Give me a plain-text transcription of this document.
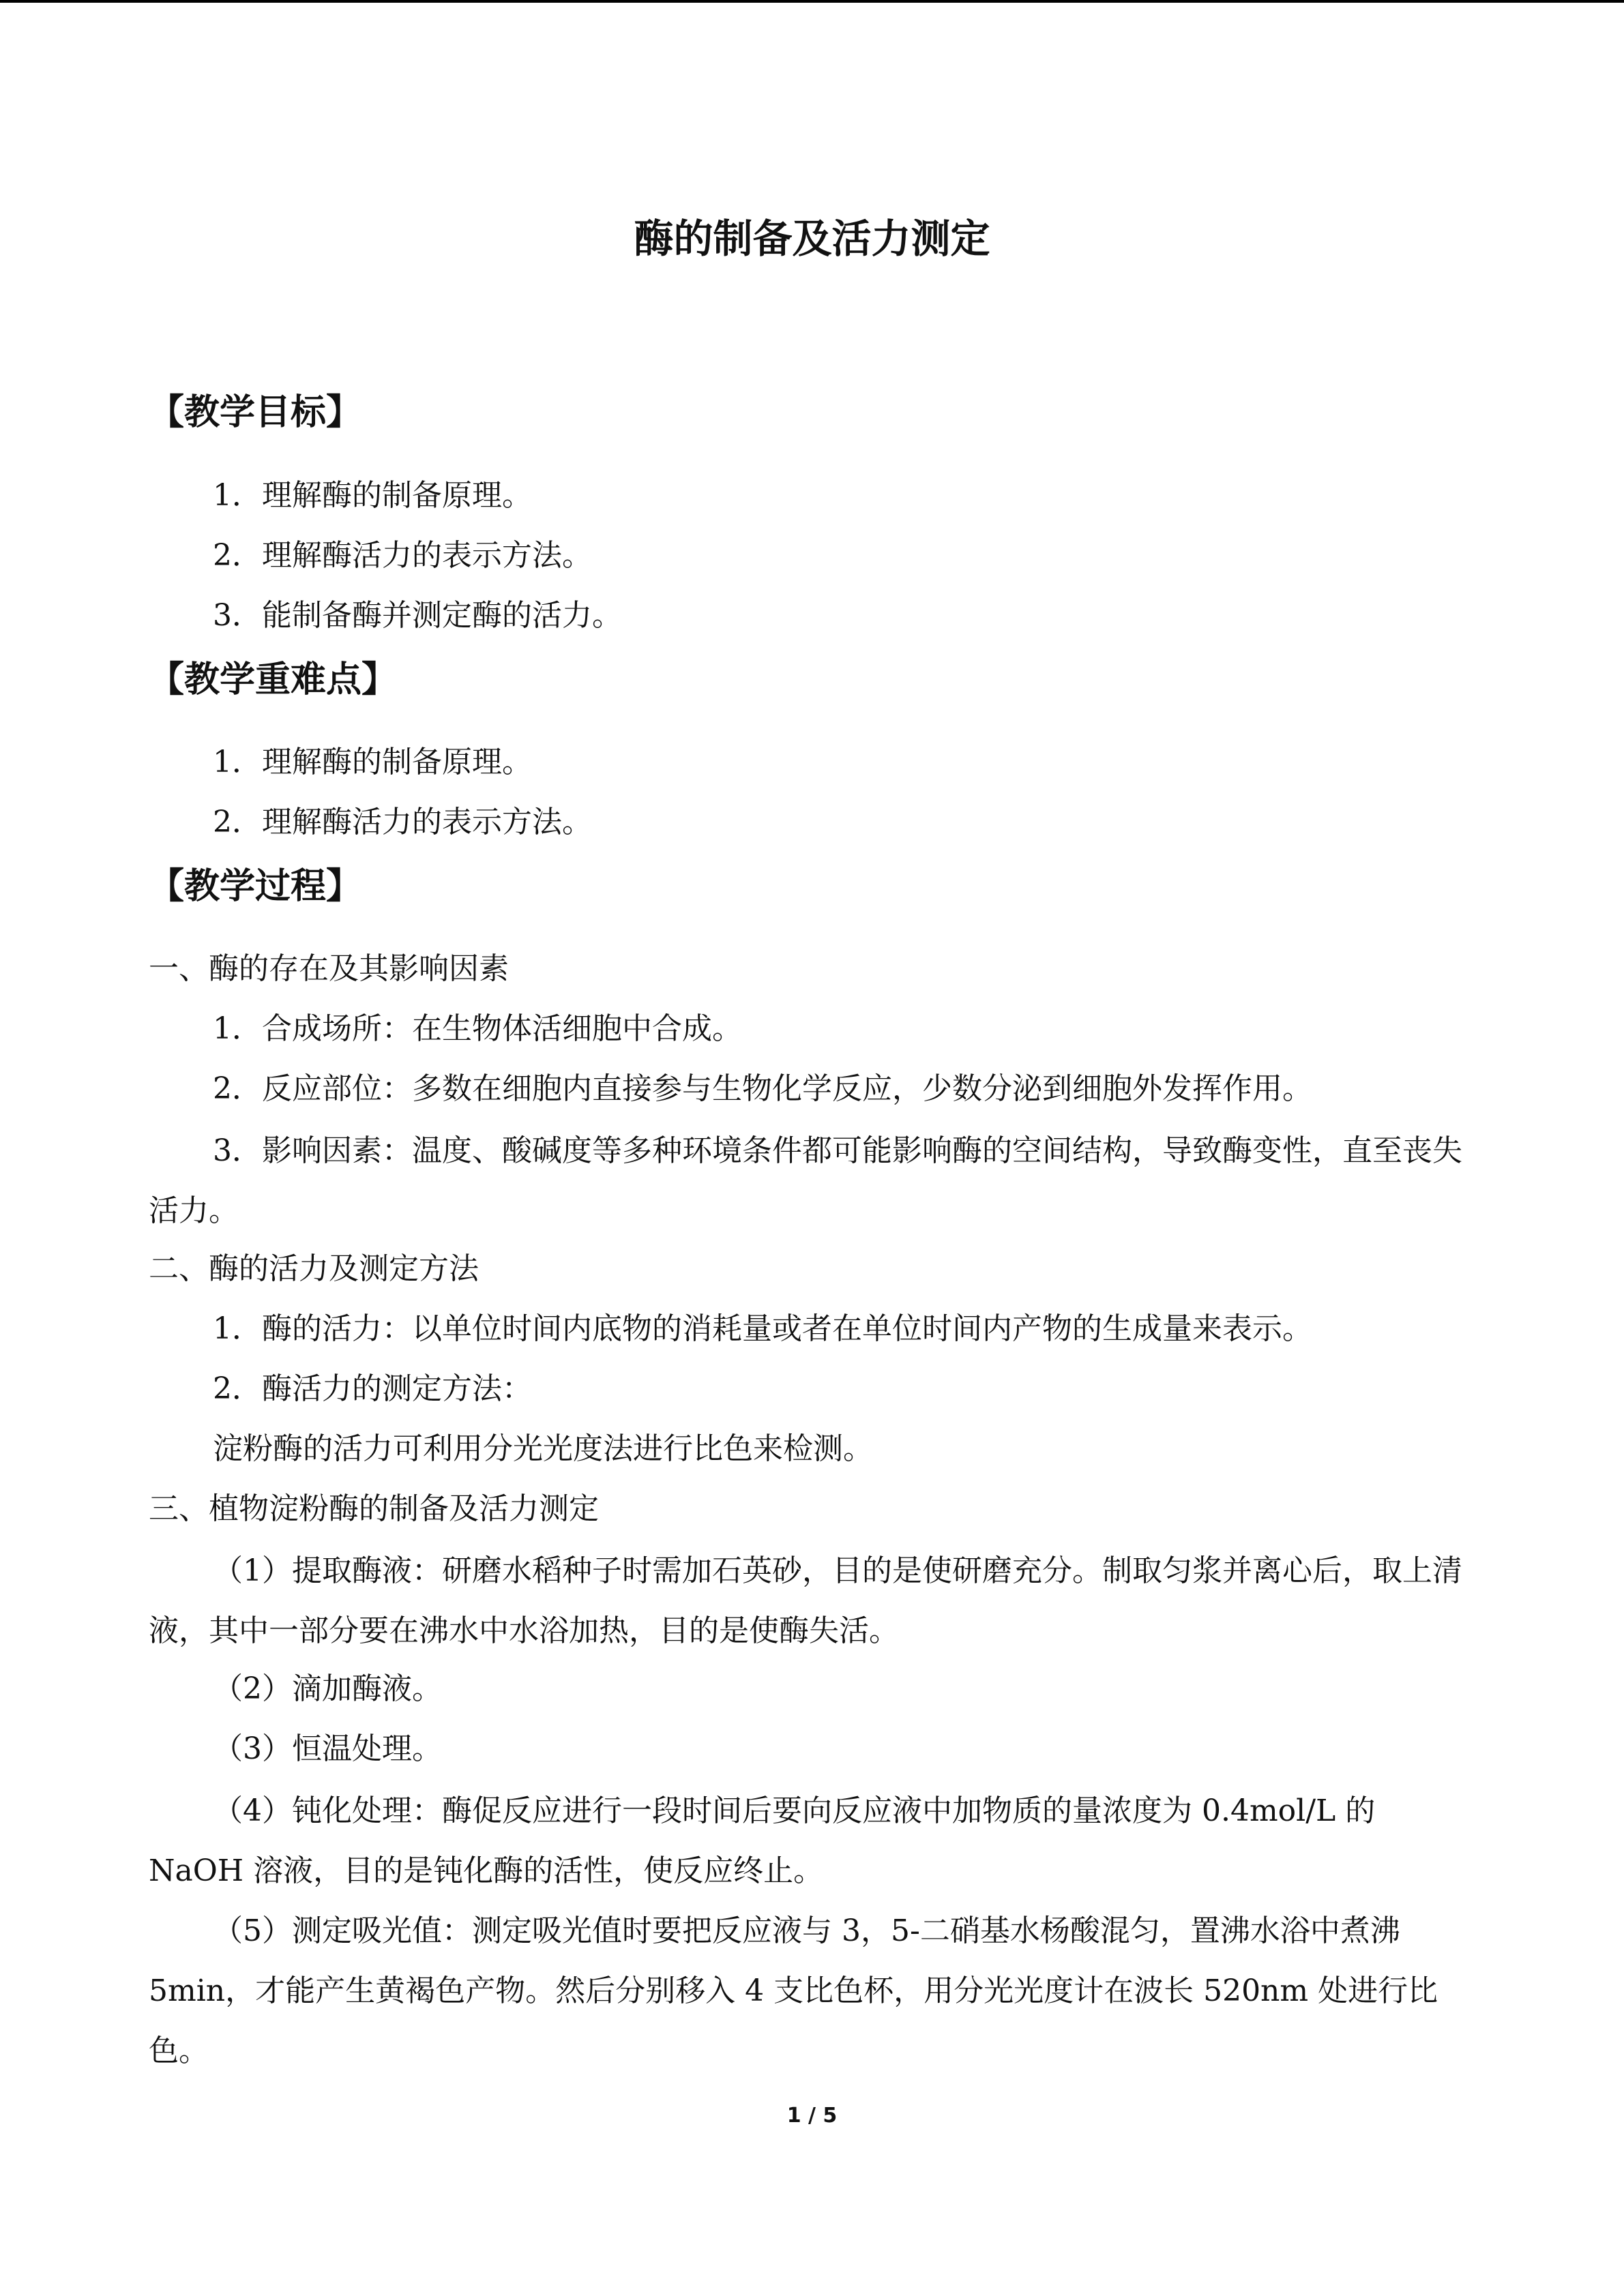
酶的制备及活力测定
【教学目标】
1．理解酶的制备原理。
2．理解酶活力的表示方法。
3．能制备酶并测定酶的活力。
【教学重难点】
1．理解酶的制备原理。
2．理解酶活力的表示方法。
【教学过程】
一、酶的存在及其影响因素
1．合成场所：在生物体活细胞中合成。
2．反应部位：多数在细胞内直接参与生物化学反应，少数分泌到细胞外发挥作用。
3．影响因素：温度、酸碱度等多种环境条件都可能影响酶的空间结构，导致酶变性，直至丧失活力。
二、酶的活力及测定方法
1．酶的活力：以单位时间内底物的消耗量或者在单位时间内产物的生成量来表示。
2．酶活力的测定方法：
淀粉酶的活力可利用分光光度法进行比色来检测。
三、植物淀粉酶的制备及活力测定
（1）提取酶液：研磨水稻种子时需加石英砂，目的是使研磨充分。制取匀浆并离心后，取上清液，其中一部分要在沸水中水浴加热，目的是使酶失活。
（2）滴加酶液。
（3）恒温处理。
（4）钝化处理：酶促反应进行一段时间后要向反应液中加物质的量浓度为 0.4mol/L 的 NaOH 溶液，目的是钝化酶的活性，使反应终止。
（5）测定吸光值：测定吸光值时要把反应液与 3，5-二硝基水杨酸混匀，置沸水浴中煮沸 5min，才能产生黄褐色产物。然后分别移入 4 支比色杯，用分光光度计在波长 520nm 处进行比色。
1 / 5
